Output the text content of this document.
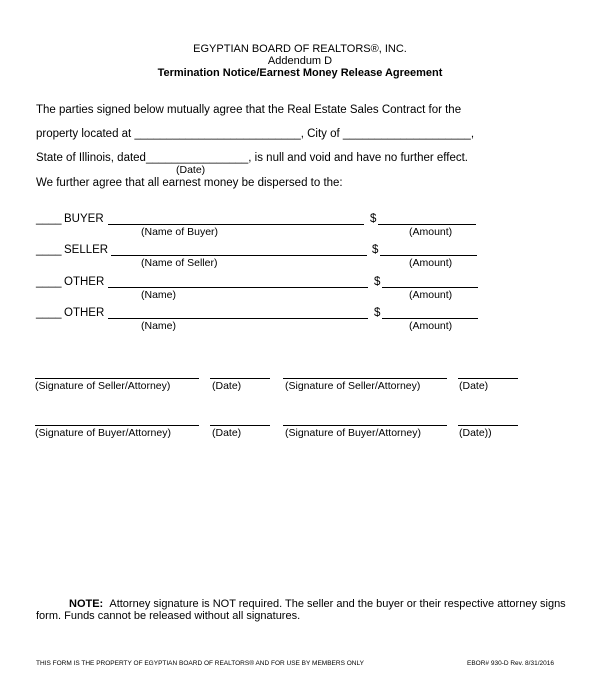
EGYPTIAN BOARD OF REALTORS®, INC.
Addendum D
Termination Notice/Earnest Money Release Agreement
The parties signed below mutually agree that the Real Estate Sales Contract for the
property located at __________________________, City of ____________________,
State of Illinois, dated________________, is null and void and have no further effect.
(Date)
We further agree that all earnest money be dispersed to the:
____ BUYER	$
(Name of Buyer)	(Amount)
____ SELLER	$
(Name of Seller)	(Amount)
____ OTHER	$
(Name)	(Amount)
____ OTHER	$
(Name)	(Amount)
(Signature of Seller/Attorney)	(Date)	(Signature of Seller/Attorney)	(Date)
(Signature of Buyer/Attorney)	(Date)	(Signature of Buyer/Attorney)	(Date))
NOTE: Attorney signature is NOT required. The seller and the buyer or their respective attorney signs
form. Funds cannot be released without all signatures.
THIS FORM IS THE PROPERTY OF EGYPTIAN BOARD OF REALTORS® AND FOR USE BY MEMBERS ONLY	EBOR# 930-D Rev. 8/31/2016
